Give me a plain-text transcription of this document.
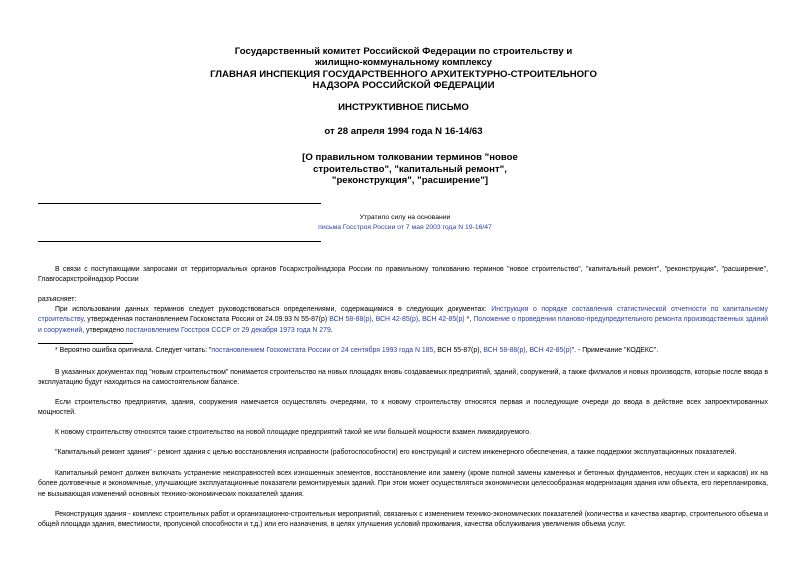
Государственный комитет Российской Федерации по строительству и
жилищно-коммунальному комплексу
ГЛАВНАЯ ИНСПЕКЦИЯ ГОСУДАРСТВЕННОГО АРХИТЕКТУРНО-СТРОИТЕЛЬНОГО
НАДЗОРА РОССИЙСКОЙ ФЕДЕРАЦИИ
ИНСТРУКТИВНОЕ ПИСЬМО
от 28 апреля 1994 года N 16-14/63
[О правильном толковании терминов "новое
строительство", "капитальный ремонт",
"реконструкция", "расширение"]
Утратило силу на основании
письма Госстроя России от 7 мая 2003 года N 19-16/47
В связи с поступающими запросами от территориальных органов Госархстройнадзора России по правильному толкованию терминов "новое строительство", "капитальный ремонт", "реконструкция", "расширение", Главгосархстройнадзор России
разъясняет:
При использовании данных терминов следует руководствоваться определениями, содержащимися в следующих документах: Инструкция о порядке составления статистической отчетности по капитальному строительству, утвержденная постановлением Госкомстата России от 24.09.93 N 55-87(р) ВСН 58-88(р), ВСН 42-85(р), ВСН 42-85(р) *, Положение о проведении планово-предупредительного ремонта производственных зданий и сооружений, утверждено постановлением Госстроя СССР от 29 декабря 1973 года N 279.
* Вероятно ошибка оригинала. Следует читать: "постановлением Госкомстата России от 24 сентября 1993 года N 185, ВСН 55-87(р), ВСН 58-88(р), ВСН 42-85(р)". - Примечание "КОДЕКС".
В указанных документах под "новым строительством" понимается строительство на новых площадях вновь создаваемых предприятий, зданий, сооружений, а также филиалов и новых производств, которые после ввода в эксплуатацию будут находиться на самостоятельном балансе.
Если строительство предприятия, здания, сооружения намечается осуществлять очередями, то к новому строительству относятся первая и последующие очереди до ввода в действие всех запроектированных мощностей.
К новому строительству относятся также строительство на новой площадке предприятий такой же или большей мощности взамен ликвидируемого.
"Капитальный ремонт здания" - ремонт здания с целью восстановления исправности (работоспособности) его конструкций и систем инженерного обеспечения, а также поддержки эксплуатационных показателей.
Капитальный ремонт должен включать устранение неисправностей всех изношенных элементов, восстановление или замену (кроме полной замены каменных и бетонных фундаментов, несущих стен и каркасов) их на более долговечные и экономичные, улучшающие эксплуатационные показатели ремонтируемых зданий. При этом может осуществляться экономически целесообразная модернизация здания или объекта, его перепланировка, не вызывающая изменений основных технико-экономических показателей здания.
Реконструкция здания - комплекс строительных работ и организационно-строительных мероприятий, связанных с изменением технико-экономических показателей (количества и качества квартир, строительного объема и общей площади здания, вместимости, пропускной способности и т.д.) или его назначения, в целях улучшения условий проживания, качества обслуживания увеличения объема услуг.
